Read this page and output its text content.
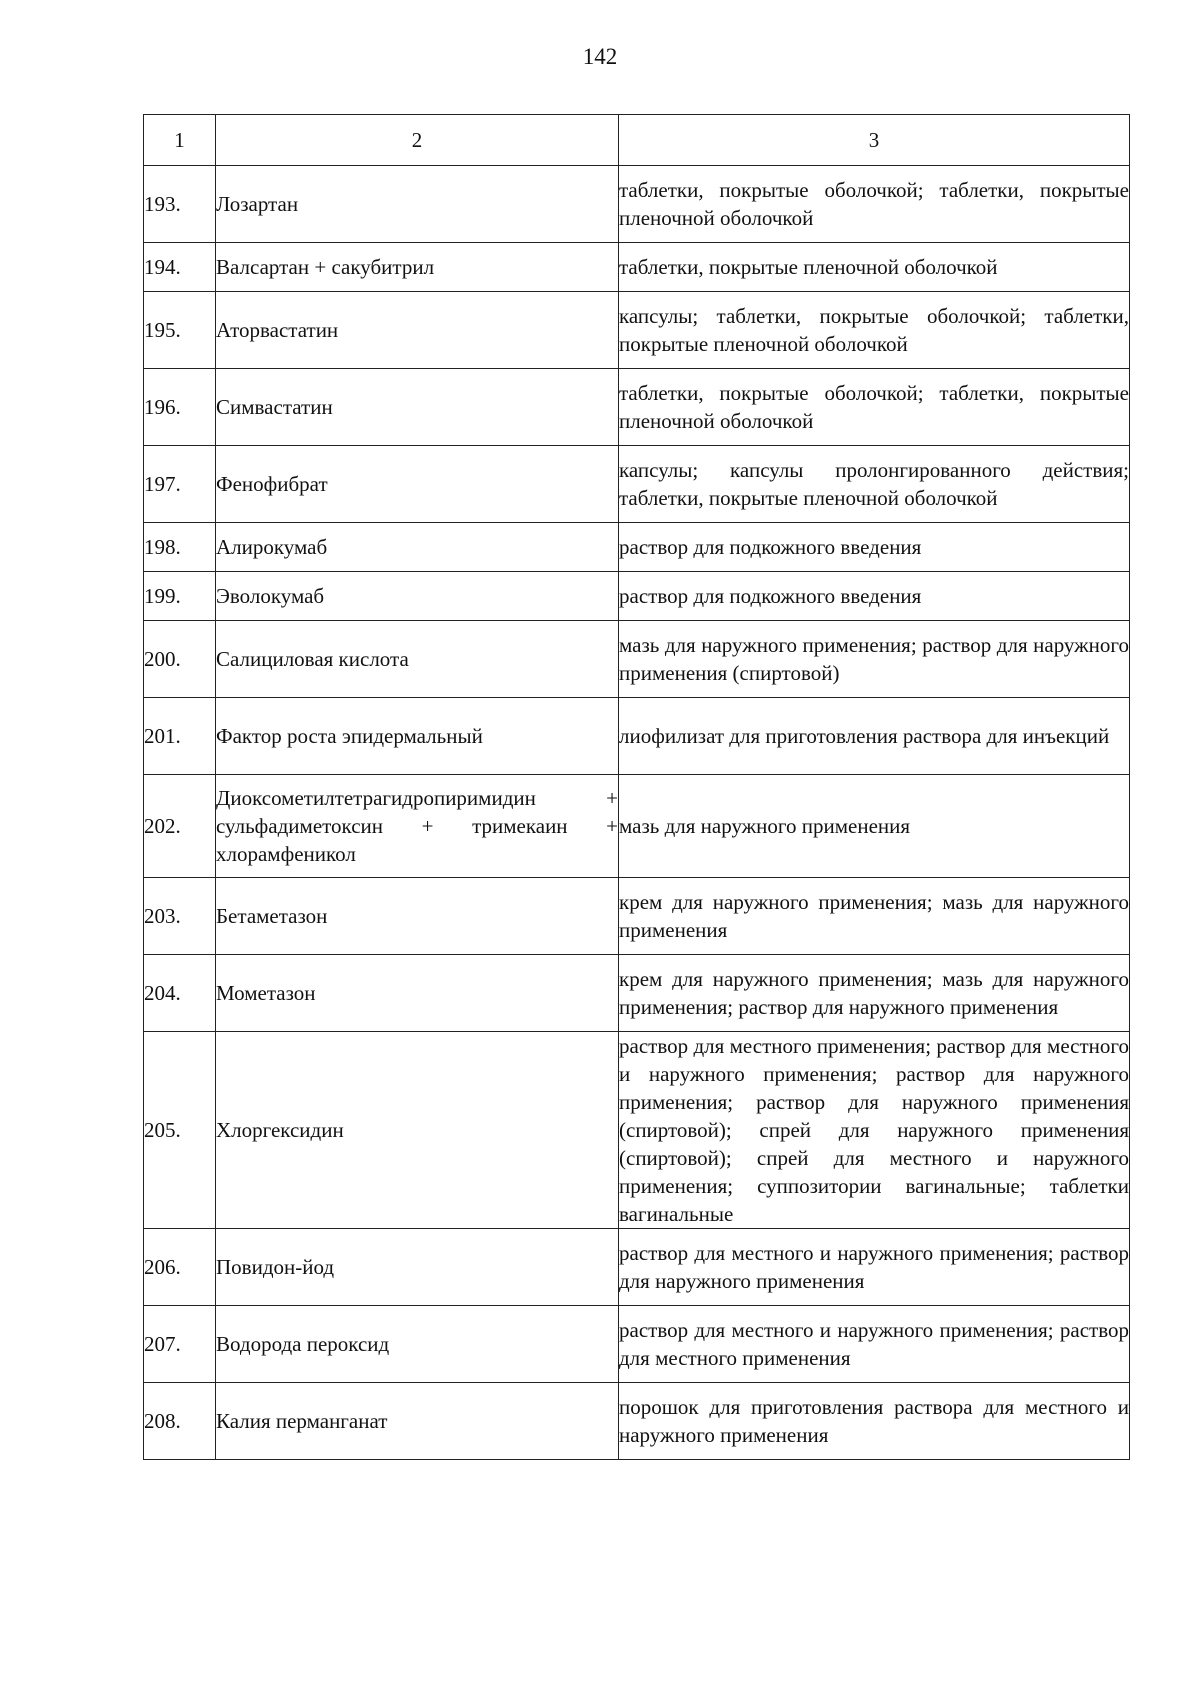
142
1	2	3
193.	Лозартан	таблетки, покрытые оболочкой; таблетки, покрытые пленочной оболочкой
194.	Валсартан + сакубитрил	таблетки, покрытые пленочной оболочкой
195.	Аторвастатин	капсулы; таблетки, покрытые оболочкой; таблетки, покрытые пленочной оболочкой
196.	Симвастатин	таблетки, покрытые оболочкой; таблетки, покрытые пленочной оболочкой
197.	Фенофибрат	капсулы; капсулы пролонгированного действия; таблетки, покрытые пленочной оболочкой
198.	Алирокумаб	раствор для подкожного введения
199.	Эволокумаб	раствор для подкожного введения
200.	Салициловая кислота	мазь для наружного применения; раствор для наружного применения (спиртовой)
201.	Фактор роста эпидермальный	лиофилизат для приготовления раствора для инъекций
202.	Диоксометилтетрагидропиримидин + сульфадиметоксин + тримекаин + хлорамфеникол	мазь для наружного применения
203.	Бетаметазон	крем для наружного применения; мазь для наружного применения
204.	Мометазон	крем для наружного применения; мазь для наружного применения; раствор для наружного применения
205.	Хлоргексидин	раствор для местного применения; раствор для местного и наружного применения; раствор для наружного применения; раствор для наружного применения (спиртовой); спрей для наружного применения (спиртовой); спрей для местного и наружного применения; суппозитории вагинальные; таблетки вагинальные
206.	Повидон-йод	раствор для местного и наружного применения; раствор для наружного применения
207.	Водорода пероксид	раствор для местного и наружного применения; раствор для местного применения
208.	Калия перманганат	порошок для приготовления раствора для местного и наружного применения
